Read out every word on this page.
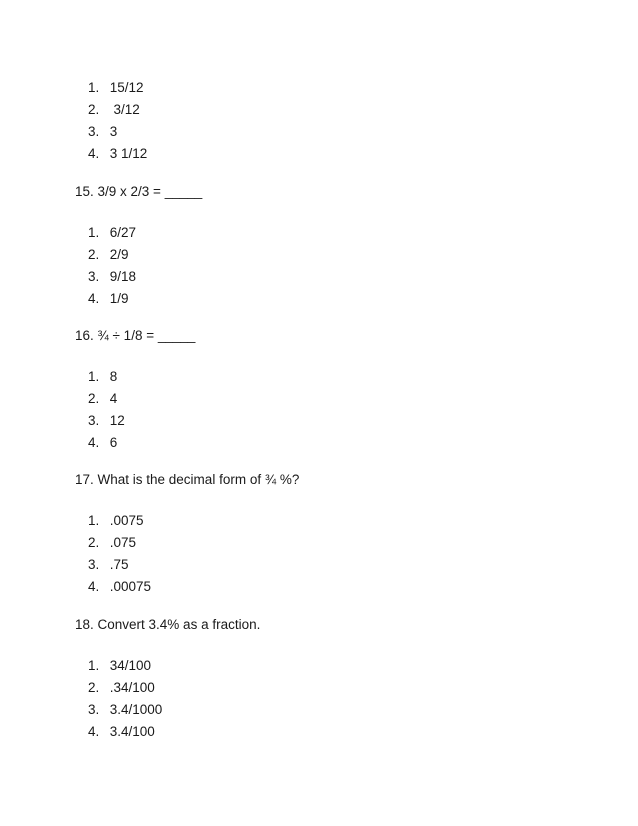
1. 15/12
2.  3/12
3. 3
4. 3 1/12
15. 3/9 x 2/3 = _____
1. 6/27
2. 2/9
3. 9/18
4. 1/9
16. ¾ ÷ 1/8 = _____
1. 8
2. 4
3. 12
4. 6
17. What is the decimal form of ¾ %?
1. .0075
2. .075
3. .75
4. .00075
18. Convert 3.4% as a fraction.
1. 34/100
2. .34/100
3. 3.4/1000
4. 3.4/100
